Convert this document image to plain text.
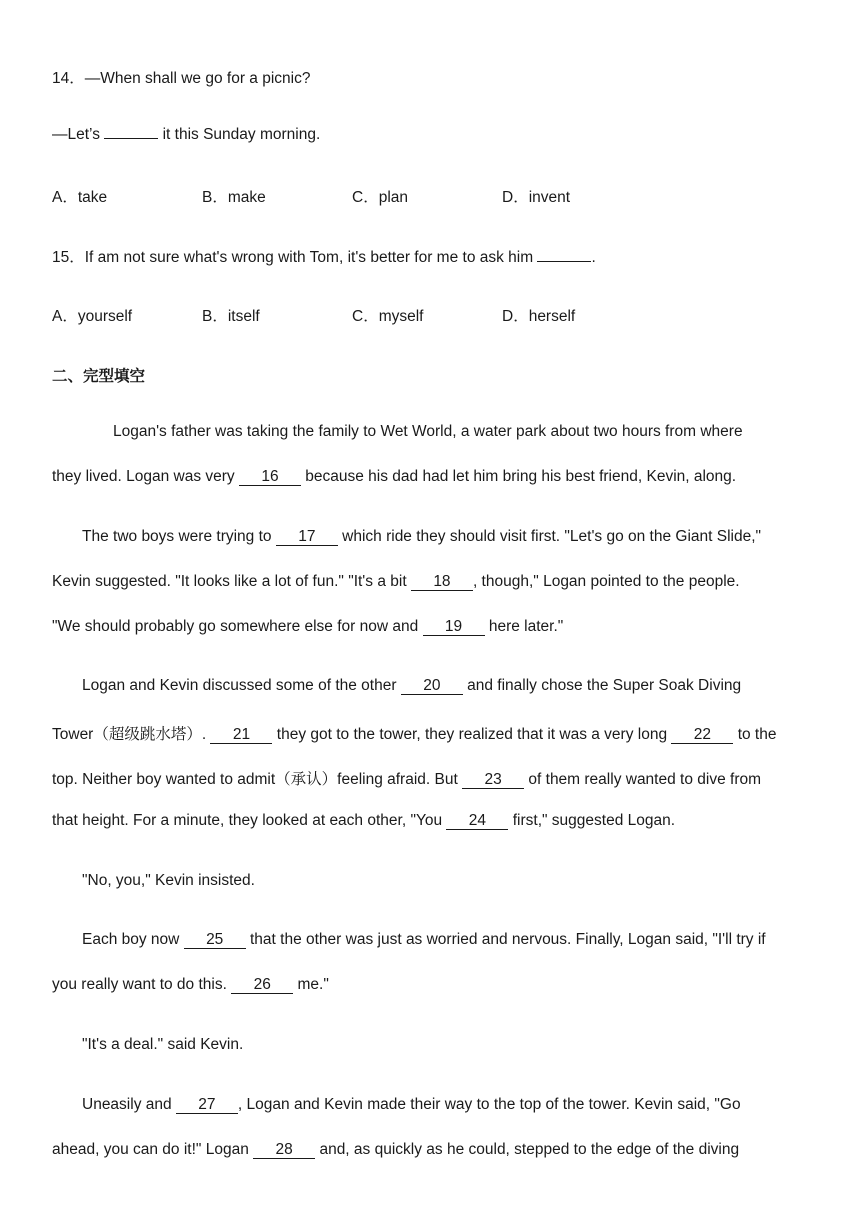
14．—When shall we go for a picnic?
—Let’s	it this Sunday morning.
A．take	B．make	C．plan	D．invent
15．If am not sure what's wrong with Tom, it's better for me to ask him	.
A．yourself	B．itself	C．myself	D．herself
二、完型填空
Logan's father was taking the family to Wet World, a water park about two hours from where
they lived. Logan was very 16 because his dad had let him bring his best friend, Kevin, along.
The two boys were trying to 17 which ride they should visit first. "Let's go on the Giant Slide,"
Kevin suggested. "It looks like a lot of fun." "It's a bit 18 , though," Logan pointed to the people.
"We should probably go somewhere else for now and 19 here later."
Logan and Kevin discussed some of the other 20 and finally chose the Super Soak Diving
Tower（超级跳水塔）. 21 they got to the tower, they realized that it was a very long 22 to the
top. Neither boy wanted to admit（承认）feeling afraid. But 23 of them really wanted to dive from
that height. For a minute, they looked at each other, "You 24 first," suggested Logan.
"No, you," Kevin insisted.
Each boy now 25 that the other was just as worried and nervous. Finally, Logan said, "I'll try if
you really want to do this. 26 me."
"It's a deal." said Kevin.
Uneasily and 27 , Logan and Kevin made their way to the top of the tower. Kevin said, "Go
ahead, you can do it!" Logan 28 and, as quickly as he could, stepped to the edge of the diving
